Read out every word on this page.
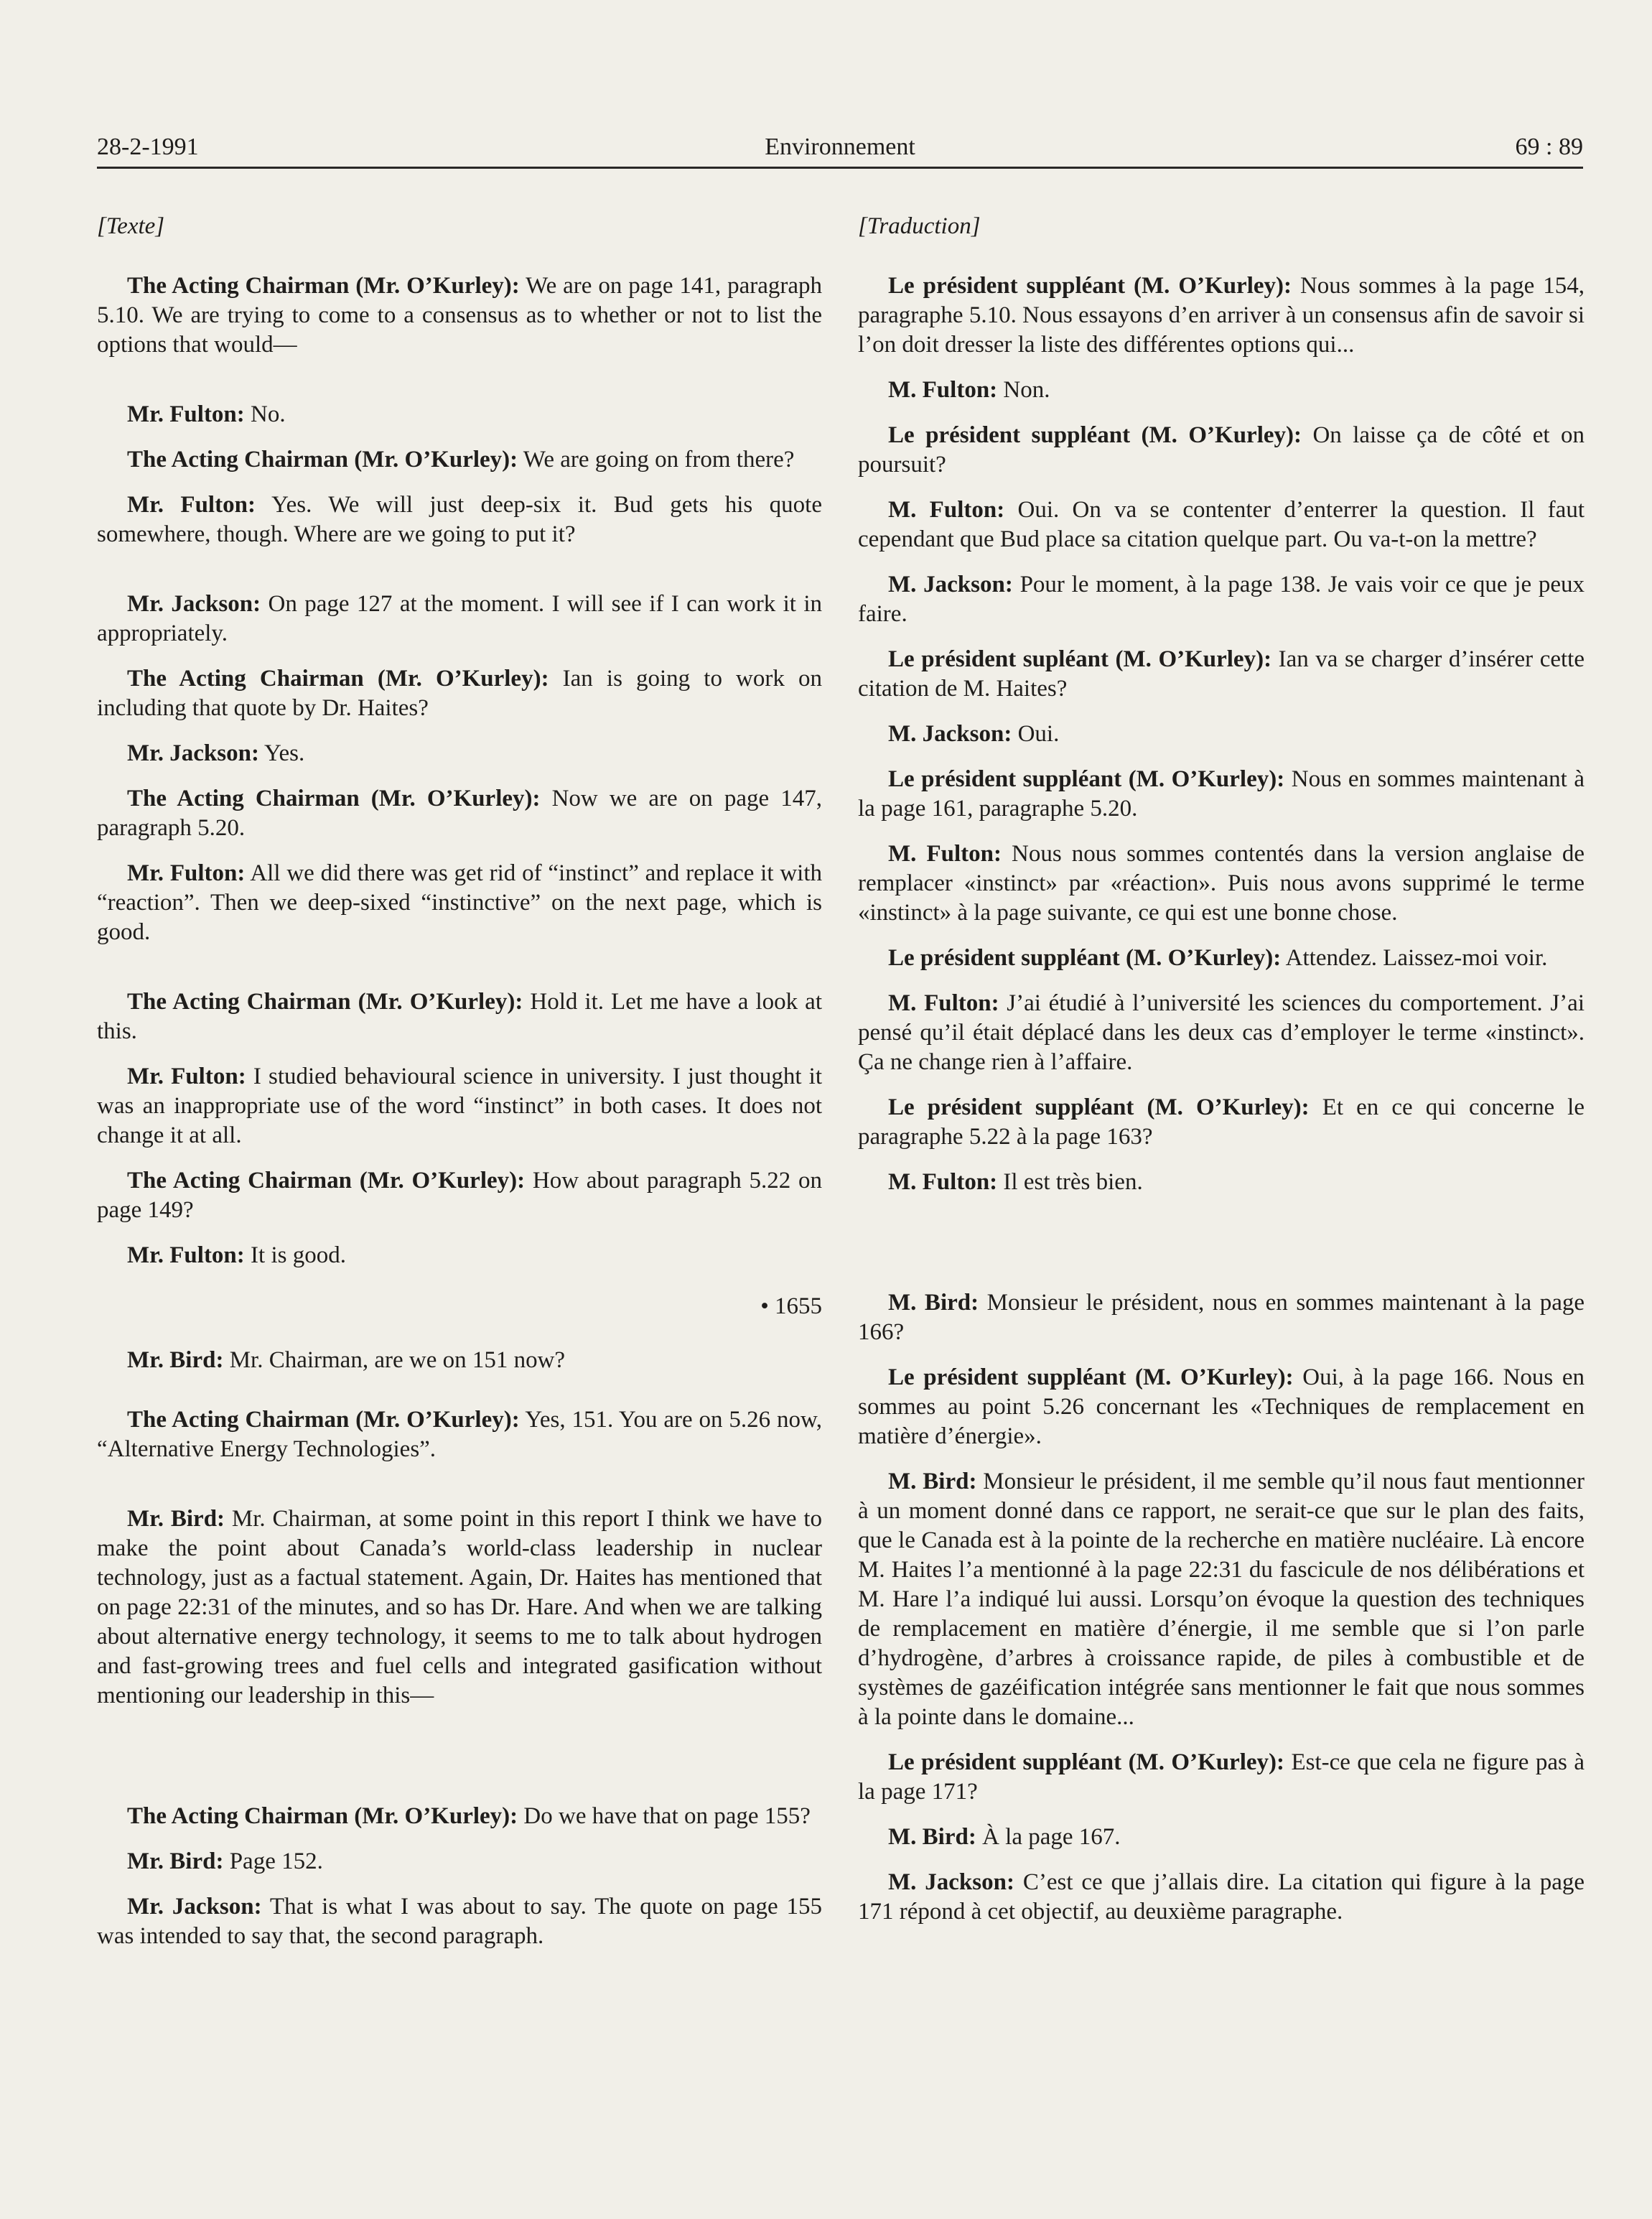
28-2-1991	Environnement	69 : 89
[Texte]

The Acting Chairman (Mr. O’Kurley): We are on page 141, paragraph 5.10. We are trying to come to a consensus as to whether or not to list the options that would—

Mr. Fulton: No.

The Acting Chairman (Mr. O’Kurley): We are going on from there?

Mr. Fulton: Yes. We will just deep-six it. Bud gets his quote somewhere, though. Where are we going to put it?

Mr. Jackson: On page 127 at the moment. I will see if I can work it in appropriately.

The Acting Chairman (Mr. O’Kurley): Ian is going to work on including that quote by Dr. Haites?

Mr. Jackson: Yes.

The Acting Chairman (Mr. O’Kurley): Now we are on page 147, paragraph 5.20.

Mr. Fulton: All we did there was get rid of “instinct” and replace it with “reaction”. Then we deep-sixed “instinctive” on the next page, which is good.

The Acting Chairman (Mr. O’Kurley): Hold it. Let me have a look at this.

Mr. Fulton: I studied behavioural science in university. I just thought it was an inappropriate use of the word “instinct” in both cases. It does not change it at all.

The Acting Chairman (Mr. O’Kurley): How about paragraph 5.22 on page 149?

Mr. Fulton: It is good.

• 1655

Mr. Bird: Mr. Chairman, are we on 151 now?

The Acting Chairman (Mr. O’Kurley): Yes, 151. You are on 5.26 now, “Alternative Energy Technologies”.

Mr. Bird: Mr. Chairman, at some point in this report I think we have to make the point about Canada’s world-class leadership in nuclear technology, just as a factual statement. Again, Dr. Haites has mentioned that on page 22:31 of the minutes, and so has Dr. Hare. And when we are talking about alternative energy technology, it seems to me to talk about hydrogen and fast-growing trees and fuel cells and integrated gasification without mentioning our leadership in this—

The Acting Chairman (Mr. O’Kurley): Do we have that on page 155?

Mr. Bird: Page 152.

Mr. Jackson: That is what I was about to say. The quote on page 155 was intended to say that, the second paragraph.

[Traduction]

Le président suppléant (M. O’Kurley): Nous sommes à la page 154, paragraphe 5.10. Nous essayons d’en arriver à un consensus afin de savoir si l’on doit dresser la liste des différentes options qui...

M. Fulton: Non.

Le président suppléant (M. O’Kurley): On laisse ça de côté et on poursuit?

M. Fulton: Oui. On va se contenter d’enterrer la question. Il faut cependant que Bud place sa citation quelque part. Ou va-t-on la mettre?

M. Jackson: Pour le moment, à la page 138. Je vais voir ce que je peux faire.

Le président supléant (M. O’Kurley): Ian va se charger d’insérer cette citation de M. Haites?

M. Jackson: Oui.

Le président suppléant (M. O’Kurley): Nous en sommes maintenant à la page 161, paragraphe 5.20.

M. Fulton: Nous nous sommes contentés dans la version anglaise de remplacer «instinct» par «réaction». Puis nous avons supprimé le terme «instinct» à la page suivante, ce qui est une bonne chose.

Le président suppléant (M. O’Kurley): Attendez. Laissez-moi voir.

M. Fulton: J’ai étudié à l’université les sciences du comportement. J’ai pensé qu’il était déplacé dans les deux cas d’employer le terme «instinct». Ça ne change rien à l’affaire.

Le président suppléant (M. O’Kurley): Et en ce qui concerne le paragraphe 5.22 à la page 163?

M. Fulton: Il est très bien.

M. Bird: Monsieur le président, nous en sommes maintenant à la page 166?

Le président suppléant (M. O’Kurley): Oui, à la page 166. Nous en sommes au point 5.26 concernant les «Techniques de remplacement en matière d’énergie».

M. Bird: Monsieur le président, il me semble qu’il nous faut mentionner à un moment donné dans ce rapport, ne serait-ce que sur le plan des faits, que le Canada est à la pointe de la recherche en matière nucléaire. Là encore M. Haites l’a mentionné à la page 22:31 du fascicule de nos délibérations et M. Hare l’a indiqué lui aussi. Lorsqu’on évoque la question des techniques de remplacement en matière d’énergie, il me semble que si l’on parle d’hydrogène, d’arbres à croissance rapide, de piles à combustible et de systèmes de gazéification intégrée sans mentionner le fait que nous sommes à la pointe dans le domaine...

Le président suppléant (M. O’Kurley): Est-ce que cela ne figure pas à la page 171?

M. Bird: À la page 167.

M. Jackson: C’est ce que j’allais dire. La citation qui figure à la page 171 répond à cet objectif, au deuxième paragraphe.
